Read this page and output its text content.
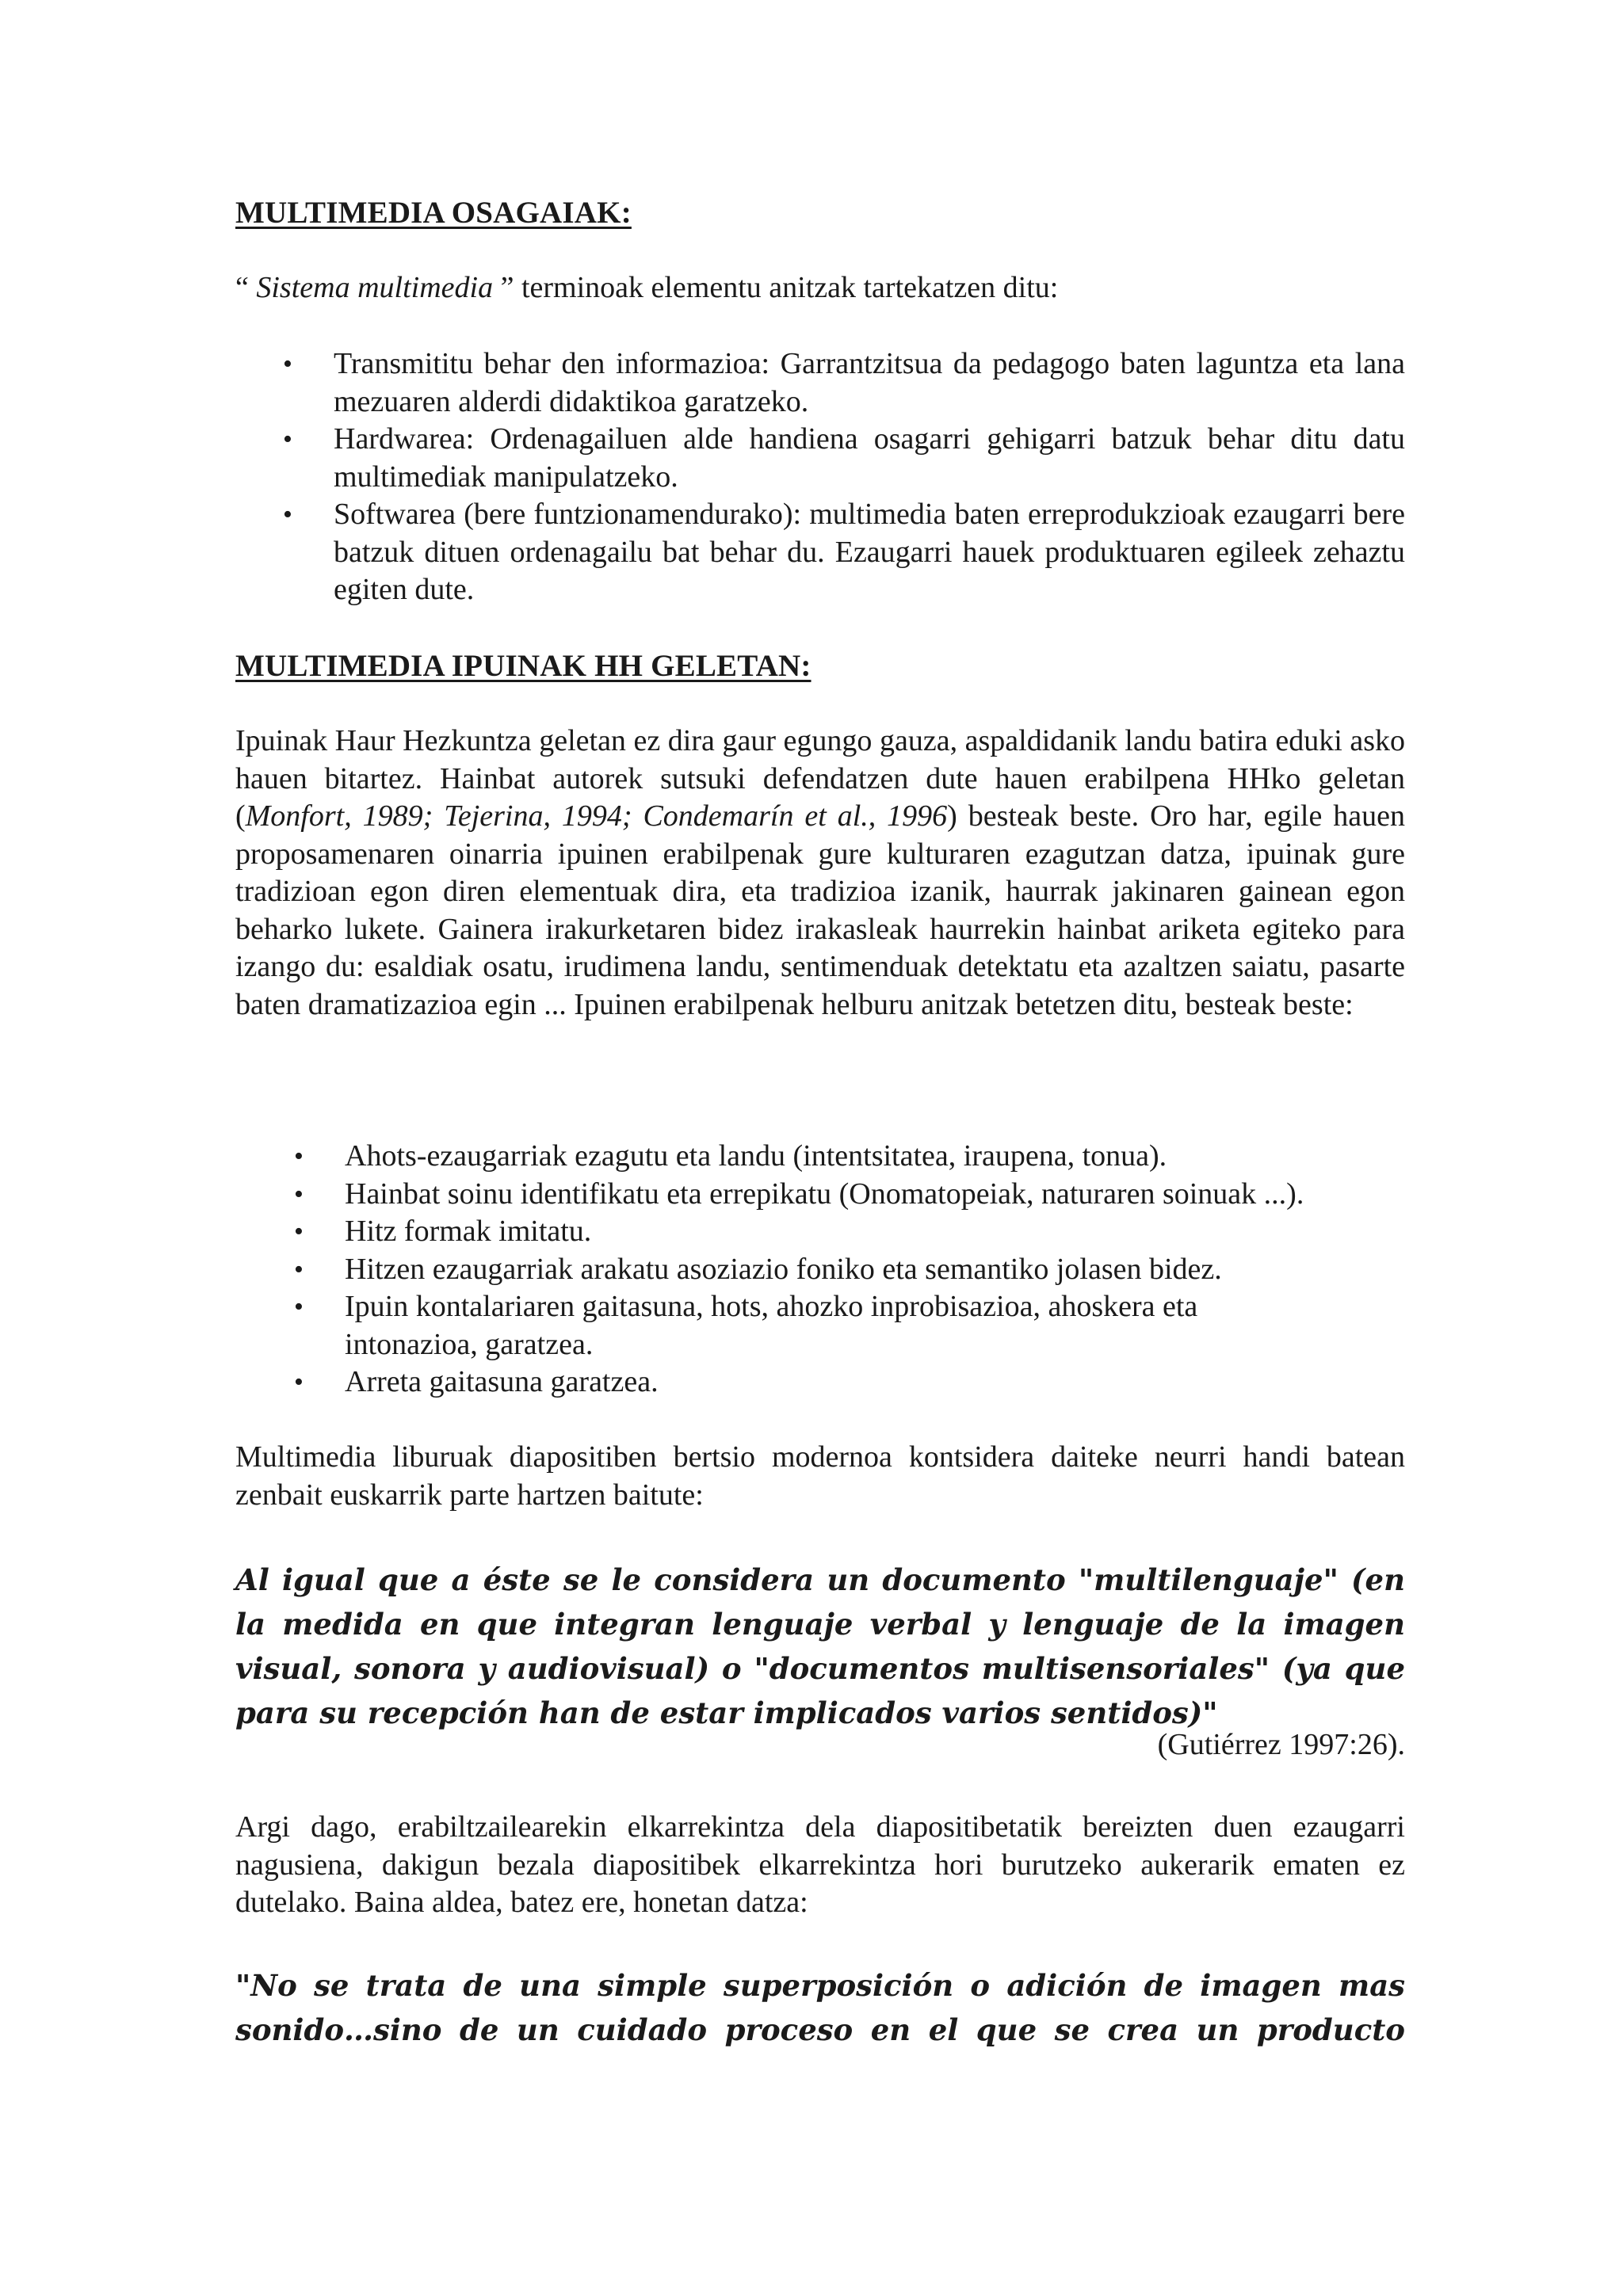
MULTIMEDIA OSAGAIAK:

“ Sistema multimedia ” terminoak elementu anitzak tartekatzen ditu:

• Transmititu behar den informazioa: Garrantzitsua da pedagogo baten laguntza eta lana mezuaren alderdi didaktikoa garatzeko.
• Hardwarea: Ordenagailuen alde handiena osagarri gehigarri batzuk behar ditu datu multimediak manipulatzeko.
• Softwarea (bere funtzionamendurako): multimedia baten erreprodukzioak ezaugarri bere batzuk dituen ordenagailu bat behar du. Ezaugarri hauek produktuaren egileek zehaztu egiten dute.
MULTIMEDIA IPUINAK HH GELETAN:

Ipuinak Haur Hezkuntza geletan ez dira gaur egungo gauza, aspaldidanik landu batira eduki asko hauen bitartez. Hainbat autorek sutsuki defendatzen dute hauen erabilpena HHko geletan (Monfort, 1989; Tejerina, 1994; Condemarín et al., 1996) besteak beste. Oro har, egile hauen proposamenaren oinarria ipuinen erabilpenak gure kulturaren ezagutzan datza, ipuinak gure tradizioan egon diren elementuak dira, eta tradizioa izanik, haurrak jakinaren gainean egon beharko lukete. Gainera irakurketaren bidez irakasleak haurrekin hainbat ariketa egiteko para izango du: esaldiak osatu, irudimena landu, sentimenduak detektatu eta azaltzen saiatu, pasarte baten dramatizazioa egin ... Ipuinen erabilpenak helburu anitzak betetzen ditu, besteak beste:

• Ahots-ezaugarriak ezagutu eta landu (intentsitatea, iraupena, tonua).
• Hainbat soinu identifikatu eta errepikatu (Onomatopeiak, naturaren soinuak ...).
• Hitz formak imitatu.
• Hitzen ezaugarriak arakatu asoziazio foniko eta semantiko jolasen bidez.
• Ipuin kontalariaren gaitasuna, hots, ahozko inprobisazioa, ahoskera eta intonazioa, garatzea.
• Arreta gaitasuna garatzea.

Multimedia liburuak diapositiben bertsio modernoa kontsidera daiteke neurri handi batean zenbait euskarrik parte hartzen baitute:

Al igual que a éste se le considera un documento "multilenguaje" (en la medida en que integran lenguaje verbal y lenguaje de la imagen visual, sonora y audiovisual) o "documentos multisensoriales" (ya que para su recepción han de estar implicados varios sentidos)"

(Gutiérrez 1997:26).

Argi dago, erabiltzailearekin elkarrekintza dela diapositibetatik bereizten duen ezaugarri nagusiena, dakigun bezala diapositibek elkarrekintza hori burutzeko aukerarik ematen ez dutelako. Baina aldea, batez ere, honetan datza:

"No se trata de una simple superposición o adición de imagen mas sonido…sino de un cuidado proceso en el que se crea un producto
